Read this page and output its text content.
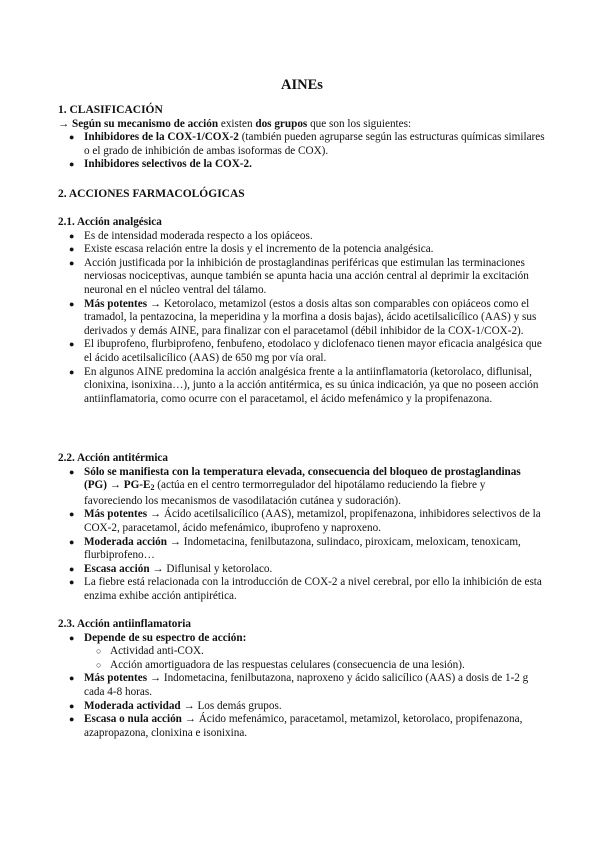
AINEs
1. CLASIFICACIÓN

→ Según su mecanismo de acción existen dos grupos que son los siguientes:

● Inhibidores de la COX-1/COX-2 (también pueden agruparse según las estructuras químicas similares o el grado de inhibición de ambas isoformas de COX).
● Inhibidores selectivos de la COX-2.
2. ACCIONES FARMACOLÓGICAS
2.1. Acción analgésica
● Es de intensidad moderada respecto a los opiáceos.
● Existe escasa relación entre la dosis y el incremento de la potencia analgésica.
● Acción justificada por la inhibición de prostaglandinas periféricas que estimulan las terminaciones nerviosas nociceptivas, aunque también se apunta hacia una acción central al deprimir la excitación neuronal en el núcleo ventral del tálamo.
● Más potentes → Ketorolaco, metamizol (estos a dosis altas son comparables con opiáceos como el tramadol, la pentazocina, la meperidina y la morfina a dosis bajas), ácido acetilsalicílico (AAS) y sus derivados y demás AINE, para finalizar con el paracetamol (débil inhibidor de la COX-1/COX-2).
● El ibuprofeno, flurbiprofeno, fenbufeno, etodolaco y diclofenaco tienen mayor eficacia analgésica que el ácido acetilsalicílico (AAS) de 650 mg por vía oral.
● En algunos AINE predomina la acción analgésica frente a la antiinflamatoria (ketorolaco, diflunisal, clonixina, isonixina…), junto a la acción antitérmica, es su única indicación, ya que no poseen acción antiinflamatoria, como ocurre con el paracetamol, el ácido mefenámico y la propifenazona.
2.2. Acción antitérmica
● Sólo se manifiesta con la temperatura elevada, consecuencia del bloqueo de prostaglandinas (PG) → PG-E2 (actúa en el centro termorregulador del hipotálamo reduciendo la fiebre y favoreciendo los mecanismos de vasodilatación cutánea y sudoración).
● Más potentes → Ácido acetilsalicílico (AAS), metamizol, propifenazona, inhibidores selectivos de la COX-2, paracetamol, ácido mefenámico, ibuprofeno y naproxeno.
● Moderada acción → Indometacina, fenilbutazona, sulindaco, piroxicam, meloxicam, tenoxicam, flurbiprofeno…
● Escasa acción → Diflunisal y ketorolaco.
● La fiebre está relacionada con la introducción de COX-2 a nivel cerebral, por ello la inhibición de esta enzima exhibe acción antipirética.
2.3. Acción antiinflamatoria
● Depende de su espectro de acción:
○ Actividad anti-COX.
○ Acción amortiguadora de las respuestas celulares (consecuencia de una lesión).
● Más potentes → Indometacina, fenilbutazona, naproxeno y ácido salicílico (AAS) a dosis de 1-2 g cada 4-8 horas.
● Moderada actividad → Los demás grupos.
● Escasa o nula acción → Ácido mefenámico, paracetamol, metamizol, ketorolaco, propifenazona, azapropazona, clonixina e isonixina.
